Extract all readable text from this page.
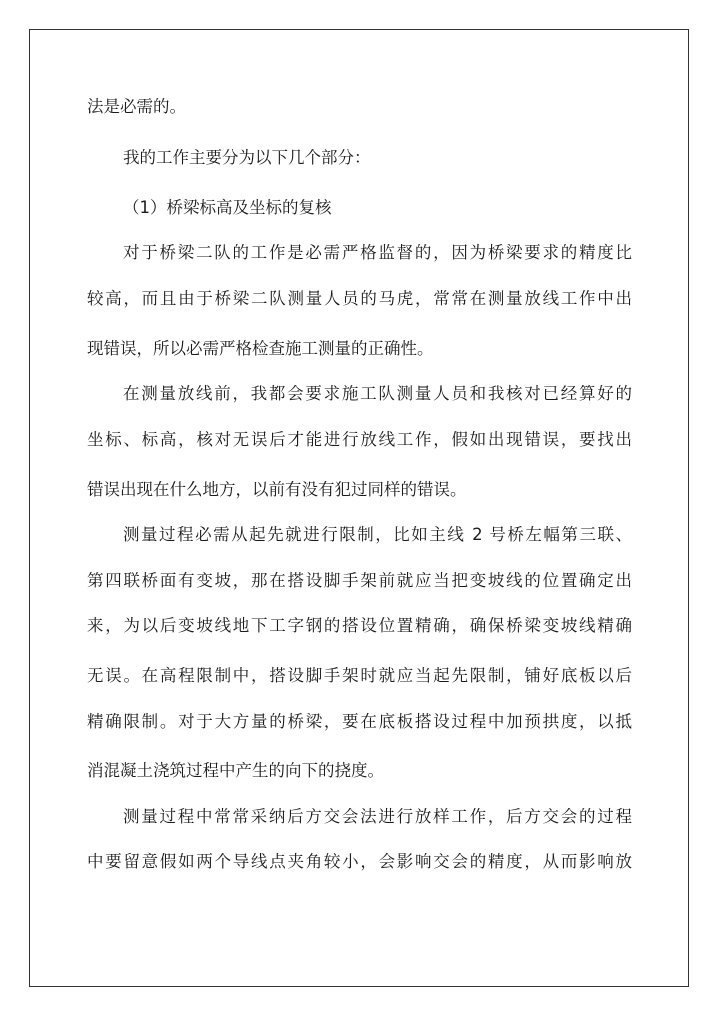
法是必需的。
我的工作主要分为以下几个部分：
（1）桥梁标高及坐标的复核
对于桥梁二队的工作是必需严格监督的，因为桥梁要求的精度比
较高，而且由于桥梁二队测量人员的马虎，常常在测量放线工作中出
现错误，所以必需严格检查施工测量的正确性。
在测量放线前，我都会要求施工队测量人员和我核对已经算好的
坐标、标高，核对无误后才能进行放线工作，假如出现错误，要找出
错误出现在什么地方，以前有没有犯过同样的错误。
测量过程必需从起先就进行限制，比如主线 2 号桥左幅第三联、
第四联桥面有变坡，那在搭设脚手架前就应当把变坡线的位置确定出
来，为以后变坡线地下工字钢的搭设位置精确，确保桥梁变坡线精确
无误。在高程限制中，搭设脚手架时就应当起先限制，铺好底板以后
精确限制。对于大方量的桥梁，要在底板搭设过程中加预拱度，以抵
消混凝土浇筑过程中产生的向下的挠度。
测量过程中常常采纳后方交会法进行放样工作，后方交会的过程
中要留意假如两个导线点夹角较小，会影响交会的精度，从而影响放
